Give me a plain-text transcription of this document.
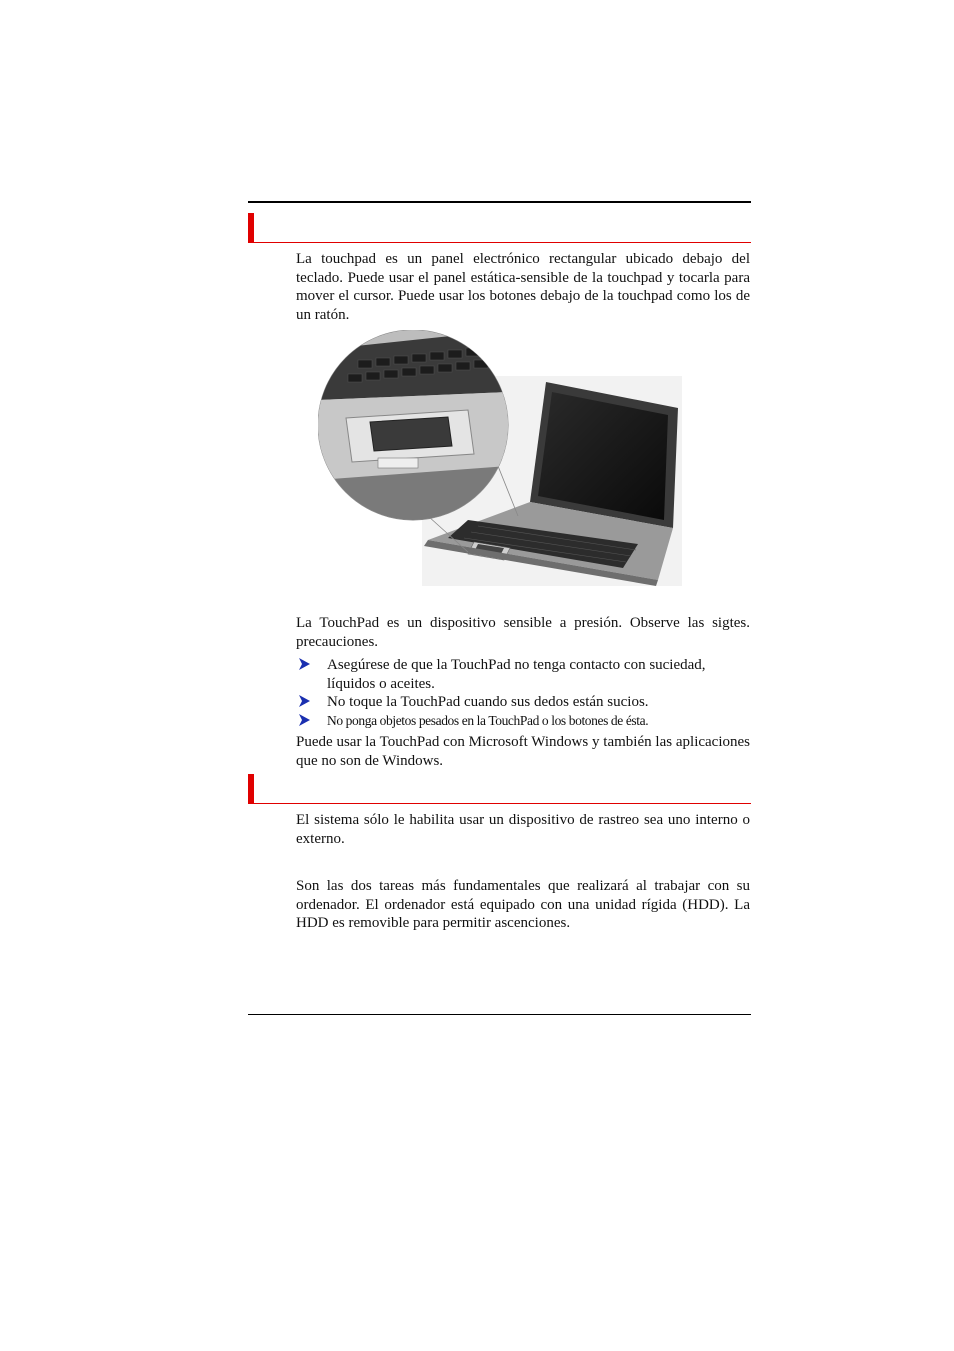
La touchpad es un panel electrónico rectangular ubicado debajo del teclado. Puede usar el panel estática-sensible de la touchpad y tocarla para mover el cursor. Puede usar los botones debajo de la touchpad como los de un ratón.

La TouchPad es un dispositivo sensible a presión. Observe las sigtes. precauciones.

Asegúrese de que la TouchPad no tenga contacto con suciedad, líquidos o aceites.
No toque la TouchPad cuando sus dedos están sucios.
No ponga objetos pesados en la TouchPad o los botones de ésta.

Puede usar la TouchPad con Microsoft Windows y también las aplicaciones que no son de Windows.

El sistema sólo le habilita usar un dispositivo de rastreo sea uno interno o externo.

Son las dos tareas más fundamentales que realizará al trabajar con su ordenador. El ordenador está equipado con una unidad rígida (HDD). La HDD es removible para permitir ascenciones.
